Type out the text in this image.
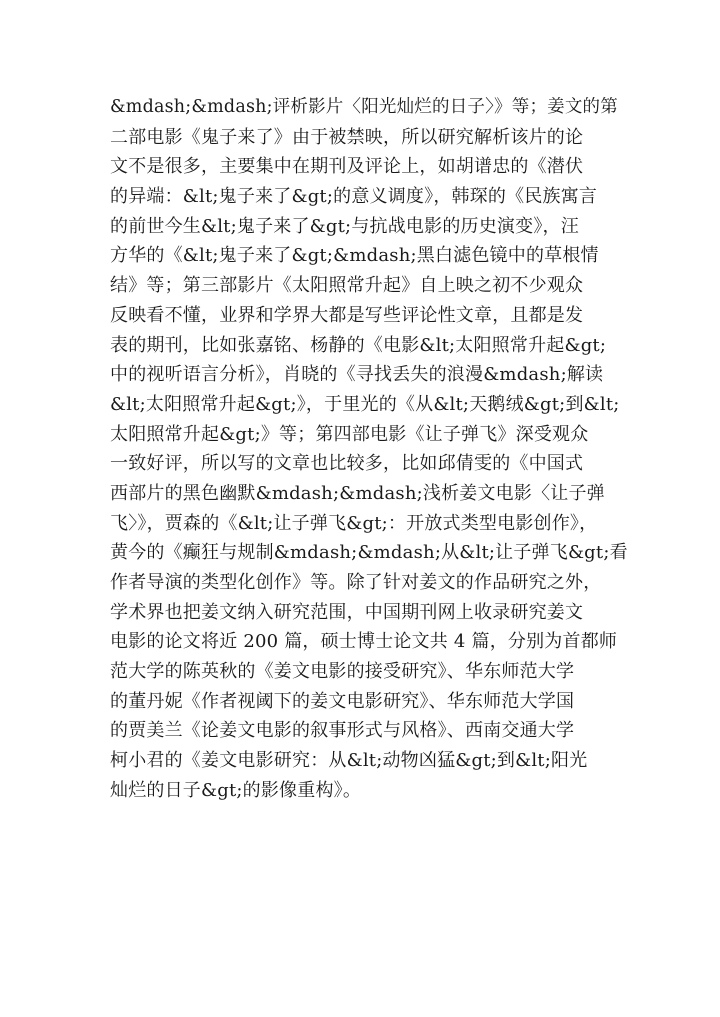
&mdash;&mdash;评析影片〈阳光灿烂的日子〉》等；姜文的第
二部电影《鬼子来了》由于被禁映，所以研究解析该片的论
文不是很多，主要集中在期刊及评论上，如胡谱忠的《潜伏
的异端：&lt;鬼子来了&gt;的意义调度》，韩琛的《民族寓言
的前世今生&lt;鬼子来了&gt;与抗战电影的历史演变》，汪
方华的《&lt;鬼子来了&gt;&mdash;黑白滤色镜中的草根情
结》等；第三部影片《太阳照常升起》自上映之初不少观众
反映看不懂，业界和学界大都是写些评论性文章，且都是发
表的期刊，比如张嘉铭、杨静的《电影&lt;太阳照常升起&gt;
中的视听语言分析》，肖晓的《寻找丢失的浪漫&mdash;解读
&lt;太阳照常升起&gt;》，于里光的《从&lt;天鹅绒&gt;到&lt;
太阳照常升起&gt;》等；第四部电影《让子弹飞》深受观众
一致好评，所以写的文章也比较多，比如邱倩雯的《中国式
西部片的黑色幽默&mdash;&mdash;浅析姜文电影〈让子弹
飞〉》，贾森的《&lt;让子弹飞&gt;：开放式类型电影创作》，
黄今的《癫狂与规制&mdash;&mdash;从&lt;让子弹飞&gt;看
作者导演的类型化创作》等。除了针对姜文的作品研究之外，
学术界也把姜文纳入研究范围，中国期刊网上收录研究姜文
电影的论文将近 200 篇，硕士博士论文共 4 篇，分别为首都师
范大学的陈英秋的《姜文电影的接受研究》、华东师范大学
的董丹妮《作者视阈下的姜文电影研究》、华东师范大学国
的贾美兰《论姜文电影的叙事形式与风格》、西南交通大学
柯小君的《姜文电影研究：从&lt;动物凶猛&gt;到&lt;阳光
灿烂的日子&gt;的影像重构》。
